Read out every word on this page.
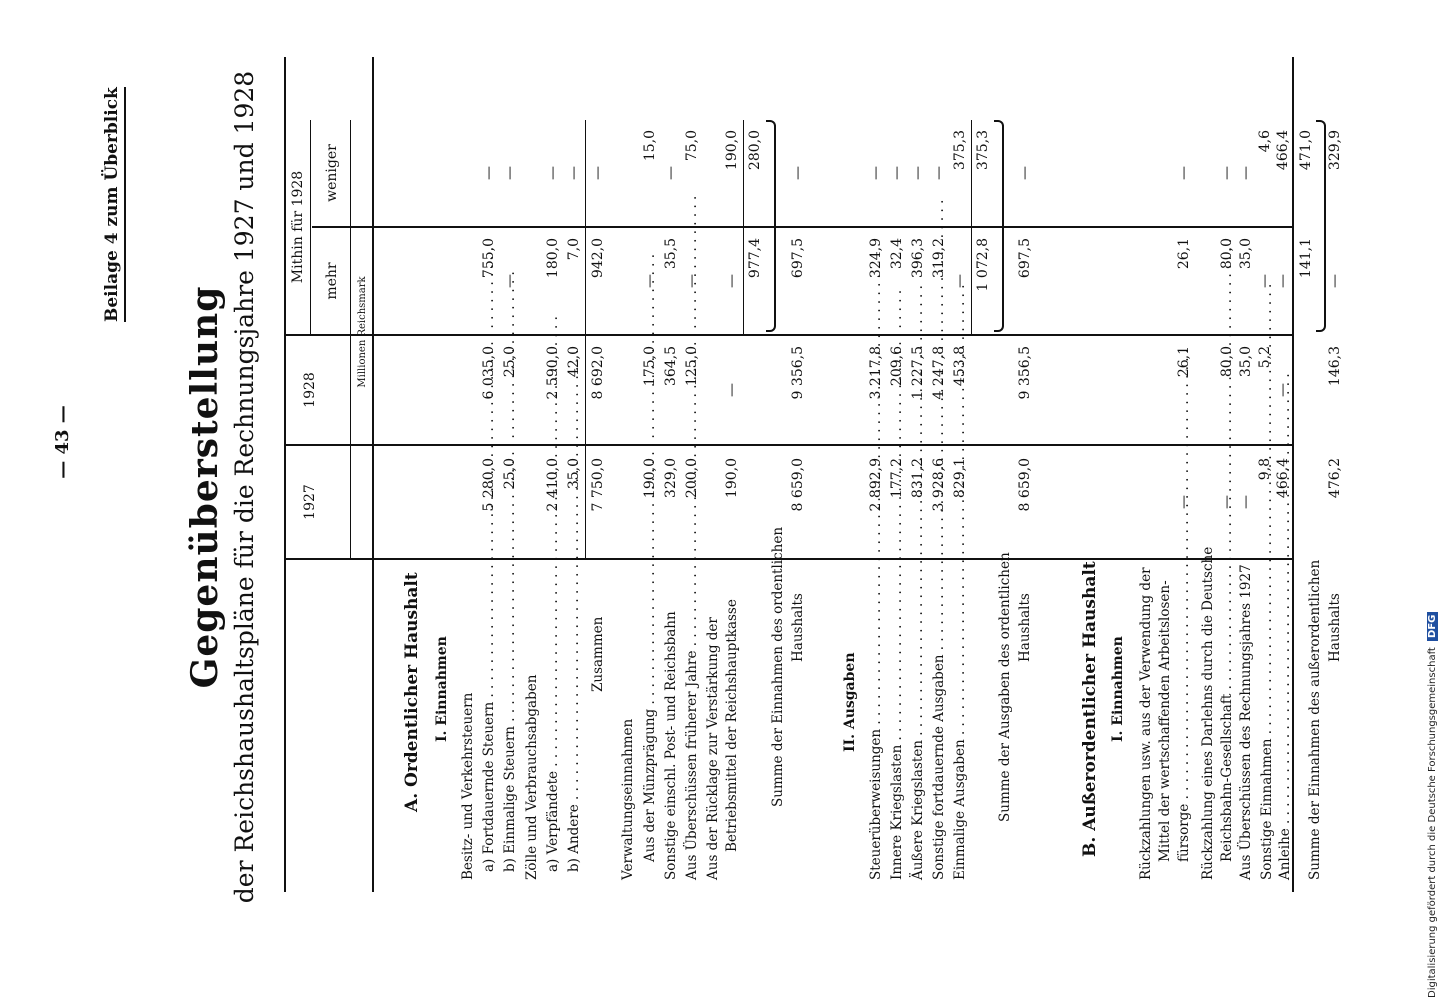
— 43 —
Beilage 4 zum Überblick
Gegenüberstellung der Reichshaushaltspläne für die Rechnungsjahre 1927 und 1928	1927
1928
Mithin für 1928 mehr
weniger
Millionen Reichsmark
A. Ordentlicher Haushalt I. Einnahmen
Besitz- und Verkehrsteuern a) Fortdauernde Steuern . . . b) Einmalige Steuern . . . Zölle und Verbrauchsabgaben a) Verpfändete . . . b) Andere . . .
Zusammen
Verwaltungseinnahmen Aus der Münzprägung . . . Sonstige einschl. Post- und Reichsbahn Aus Überschüssen früherer Jahre . . . Aus der Rücklage zur Verstärkung der Betriebsmittel der Reichshauptkasse Summe der Einnahmen des ordentlichen Haushalts
II. Ausgaben
Steuerüberweisungen . . . Innere Kriegslasten . . . Äußere Kriegslasten . . . Sonstige fortdauernde Ausgaben . . . Einmalige Ausgaben . . . Summe der Ausgaben des ordentlichen Haushalts	B. Außerordentlicher Haushalt I. Einnahmen Rückzahlungen usw. aus der Verwendung der Mittel der wertschaffenden Arbeitslosen- fürsorge . . . Rückzahlung eines Darlehns durch die Deutsche Reichsbahn-Gesellschaft . . . Aus Überschüssen des Rechnungsjahres 1927 Sonstige Einnahmen . . . Anleihe . . . Summe der Einnahmen des außerordentlichen Haushalts
5 280,0
6 035,0
755,0
—
25,0
25,0
—
—
2 410,0
2 590,0
180,0
—
35,0
42,0
7,0
—
7 750,0
8 692,0
942,0
—
190,0
175,0
—
15,0
329,0
364,5
35,5
—
200,0
125,0
—
75,0
190,0
—
—
190,0
977,4
280,0
8 659,0
9 356,5
697,5
—
2 892,9
3 217,8
324,9
—
177,2
209,6
32,4
—
831,2
1 227,5
396,3
—
3 928,6
4 247,8
319,2
—
829,1
453,8
—
375,3
1 072,8
375,3
8 659,0
9 356,5
697,5
—
—
26,1
26,1
—
—
80,0
80,0
—
—
35,0
35,0
—
9,8
5,2
—
4,6
466,4
—
—
466,4
141,1
471,0
476,2
146,3
—
329,9
Digitalisierung gefördert durch die Deutsche Forschungsgemeinschaft DFG
